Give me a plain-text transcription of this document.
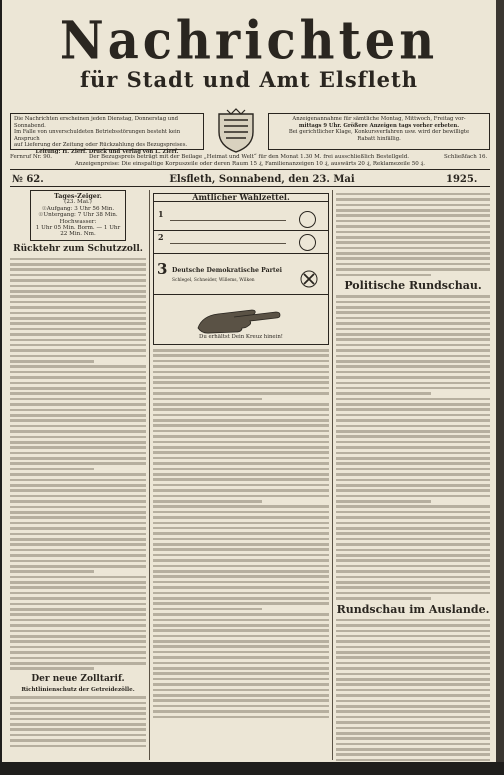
Nachrichten
für Stadt und Amt Elsfleth
Die Nachrichten erscheinen jeden Dienstag, Donnerstag und Sonnabend.
Im Falle von unverschuldeten Betriebsstörungen besteht kein Anspruch
auf Lieferung der Zeitung oder Rückzahlung des Bezugspreises.
Leitung: H. Zierf. Druck und Verlag von L. Zierf.
Anzeigenannahme für sämtliche Montag, Mittwoch, Freitag vor-
mittags 9 Uhr. Größere Anzeigen tags vorher erbeten.
Bei gerichtlicher Klage, Konkursverfahren usw. wird der bewilligte
Rabatt hinfällig.
Fernruf Nr. 90.	Der Bezugspreis beträgt mit der Beilage „Heimat und Welt“ für den Monat 1.30 M. frei ausschließlich Bestellgeld.	Schließfach 16.
Anzeigenpreise: Die einspaltige Korpuszeile oder deren Raum 15 ₰, Familienanzeigen 10 ₰, auswärts 20 ₰, Reklamezeile 50 ₰.
№ 62.	Elsfleth, Sonnabend, den 23. Mai	1925.
Tages-Zeiger.
(23. Mai.)
☉Aufgang: 3 Uhr 56 Min.
☉Untergang: 7 Uhr 38 Min.
Hochwasser:
1 Uhr 05 Min. Borm. — 1 Uhr 22 Min. Nm.
Rücktehr zum Schutzzoll.
Der neue Zolltarif.
Richtlinienschutz der Getreidezölle.
Amtlicher Wahlzettel.
1
2
3 Deutsche Demokratische Partei
Schlegel, Schneider, Willems, Wilken
Du erhältst Dein Kreuz hinein!
Politische Rundschau.
Rundschau im Auslande.
